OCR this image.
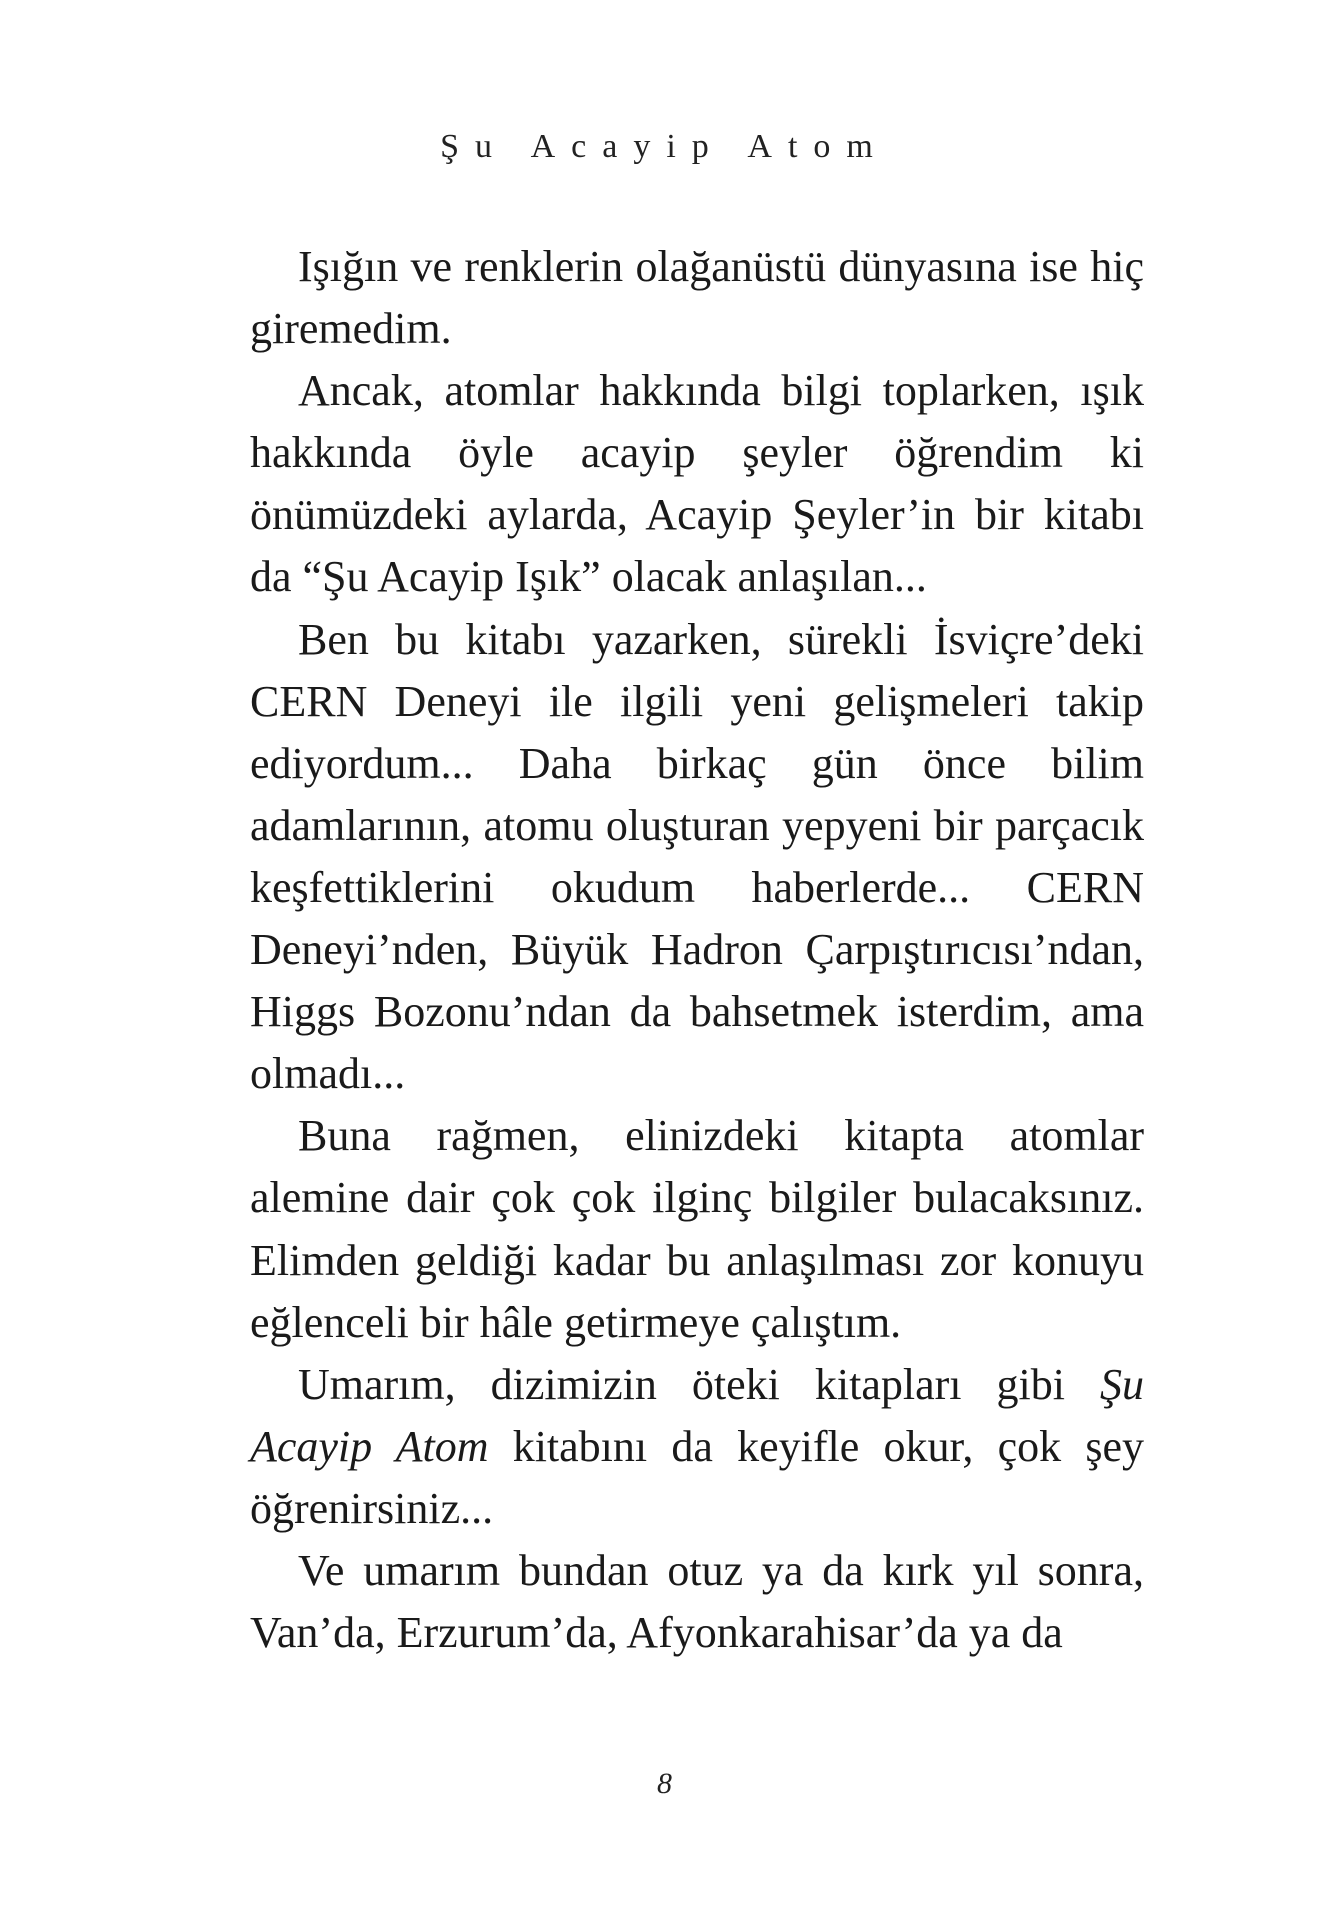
Şu Acayip Atom

Işığın ve renklerin olağanüstü dünyasına ise hiç giremedim.

Ancak, atomlar hakkında bilgi toplarken, ışık hakkında öyle acayip şeyler öğrendim ki önümüzdeki aylarda, Acayip Şeyler’in bir kitabı da “Şu Acayip Işık” olacak anlaşılan...

Ben bu kitabı yazarken, sürekli İsviçre’deki CERN Deneyi ile ilgili yeni gelişmeleri takip ediyordum... Daha birkaç gün önce bilim adamlarının, atomu oluşturan yepyeni bir parçacık keşfettiklerini okudum haberlerde... CERN Deneyi’nden, Büyük Hadron Çarpıştırıcısı’ndan, Higgs Bozonu’ndan da bahsetmek isterdim, ama olmadı...

Buna rağmen, elinizdeki kitapta atomlar alemine dair çok çok ilginç bilgiler bulacaksınız. Elimden geldiği kadar bu anlaşılması zor konuyu eğlenceli bir hâle getirmeye çalıştım.

Umarım, dizimizin öteki kitapları gibi Şu Acayip Atom kitabını da keyifle okur, çok şey öğrenirsiniz...

Ve umarım bundan otuz ya da kırk yıl sonra, Van’da, Erzurum’da, Afyonkarahisar’da ya da

8
